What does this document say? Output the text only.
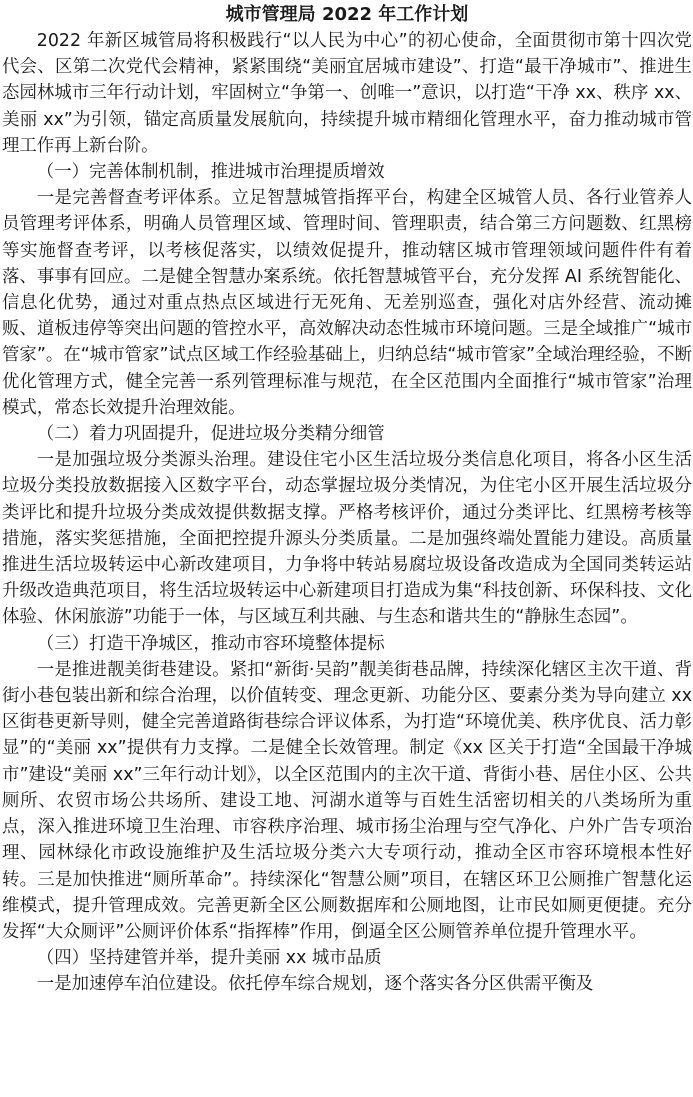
城市管理局 2022 年工作计划

2022 年新区城管局将积极践行“以人民为中心”的初心使命，全面贯彻市第十四次党代会、区第二次党代会精神，紧紧围绕“美丽宜居城市建设”、打造“最干净城市”、推进生态园林城市三年行动计划，牢固树立“争第一、创唯一”意识，以打造“干净 xx、秩序 xx、美丽 xx”为引领，锚定高质量发展航向，持续提升城市精细化管理水平，奋力推动城市管理工作再上新台阶。

（一）完善体制机制，推进城市治理提质增效

一是完善督查考评体系。立足智慧城管指挥平台，构建全区城管人员、各行业管养人员管理考评体系，明确人员管理区域、管理时间、管理职责，结合第三方问题数、红黑榜等实施督查考评，以考核促落实，以绩效促提升，推动辖区城市管理领域问题件件有着落、事事有回应。二是健全智慧办案系统。依托智慧城管平台，充分发挥 AI 系统智能化、信息化优势，通过对重点热点区域进行无死角、无差别巡查，强化对店外经营、流动摊贩、道板违停等突出问题的管控水平，高效解决动态性城市环境问题。三是全域推广“城市管家”。在“城市管家”试点区域工作经验基础上，归纳总结“城市管家”全域治理经验，不断优化管理方式，健全完善一系列管理标准与规范，在全区范围内全面推行“城市管家”治理模式，常态长效提升治理效能。

（二）着力巩固提升，促进垃圾分类精分细管

一是加强垃圾分类源头治理。建设住宅小区生活垃圾分类信息化项目，将各小区生活垃圾分类投放数据接入区数字平台，动态掌握垃圾分类情况，为住宅小区开展生活垃圾分类评比和提升垃圾分类成效提供数据支撑。严格考核评价，通过分类评比、红黑榜考核等措施，落实奖惩措施，全面把控提升源头分类质量。二是加强终端处置能力建设。高质量推进生活垃圾转运中心新改建项目，力争将中转站易腐垃圾设备改造成为全国同类转运站升级改造典范项目，将生活垃圾转运中心新建项目打造成为集“科技创新、环保科技、文化体验、休闲旅游”功能于一体，与区域互利共融、与生态和谐共生的“静脉生态园”。

（三）打造干净城区，推动市容环境整体提标

一是推进靓美街巷建设。紧扣“新街·吴韵”靓美街巷品牌，持续深化辖区主次干道、背街小巷包装出新和综合治理，以价值转变、理念更新、功能分区、要素分类为导向建立 xx 区街巷更新导则，健全完善道路街巷综合评议体系，为打造“环境优美、秩序优良、活力彰显”的“美丽 xx”提供有力支撑。二是健全长效管理。制定《xx 区关于打造“全国最干净城市”建设“美丽 xx”三年行动计划》，以全区范围内的主次干道、背街小巷、居住小区、公共厕所、农贸市场公共场所、建设工地、河湖水道等与百姓生活密切相关的八类场所为重点，深入推进环境卫生治理、市容秩序治理、城市扬尘治理与空气净化、户外广告专项治理、园林绿化市政设施维护及生活垃圾分类六大专项行动，推动全区市容环境根本性好转。三是加快推进“厕所革命”。持续深化“智慧公厕”项目，在辖区环卫公厕推广智慧化运维模式，提升管理成效。完善更新全区公厕数据库和公厕地图，让市民如厕更便捷。充分发挥“大众厕评”公厕评价体系“指挥棒”作用，倒逼全区公厕管养单位提升管理水平。

（四）坚持建管并举，提升美丽 xx 城市品质

一是加速停车泊位建设。依托停车综合规划，逐个落实各分区供需平衡及
